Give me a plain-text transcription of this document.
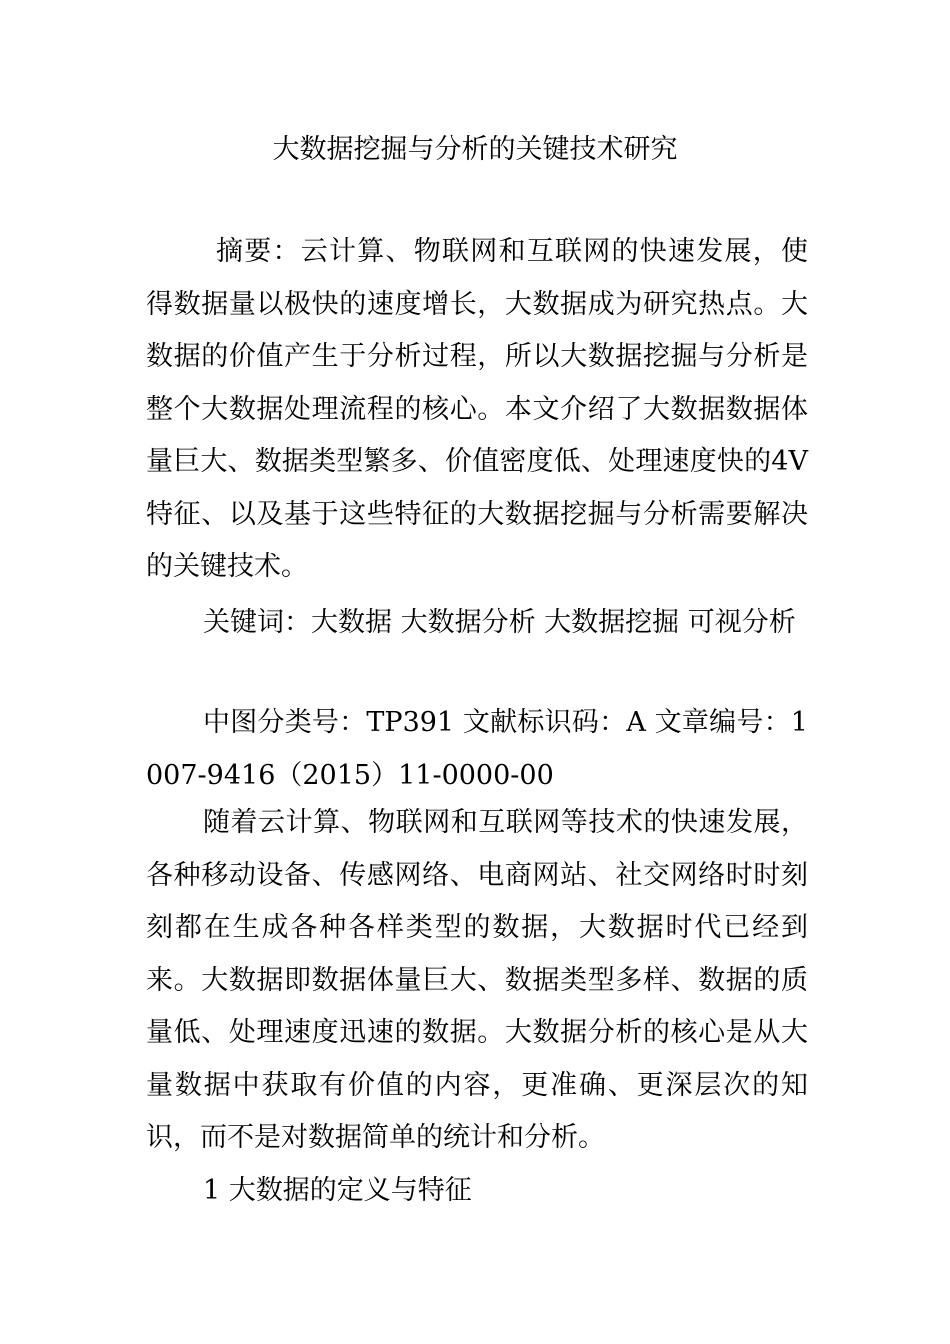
大数据挖掘与分析的关键技术研究

摘要：云计算、物联网和互联网的快速发展，使得数据量以极快的速度增长，大数据成为研究热点。大数据的价值产生于分析过程，所以大数据挖掘与分析是整个大数据处理流程的核心。本文介绍了大数据数据体量巨大、数据类型繁多、价值密度低、处理速度快的4V特征、以及基于这些特征的大数据挖掘与分析需要解决的关键技术。

关键词：大数据 大数据分析 大数据挖掘 可视分析

中图分类号：TP391 文献标识码：A 文章编号：1007-9416（2015）11-0000-00

随着云计算、物联网和互联网等技术的快速发展，各种移动设备、传感网络、电商网站、社交网络时时刻刻都在生成各种各样类型的数据，大数据时代已经到来。大数据即数据体量巨大、数据类型多样、数据的质量低、处理速度迅速的数据。大数据分析的核心是从大量数据中获取有价值的内容，更准确、更深层次的知识，而不是对数据简单的统计和分析。

1 大数据的定义与特征
